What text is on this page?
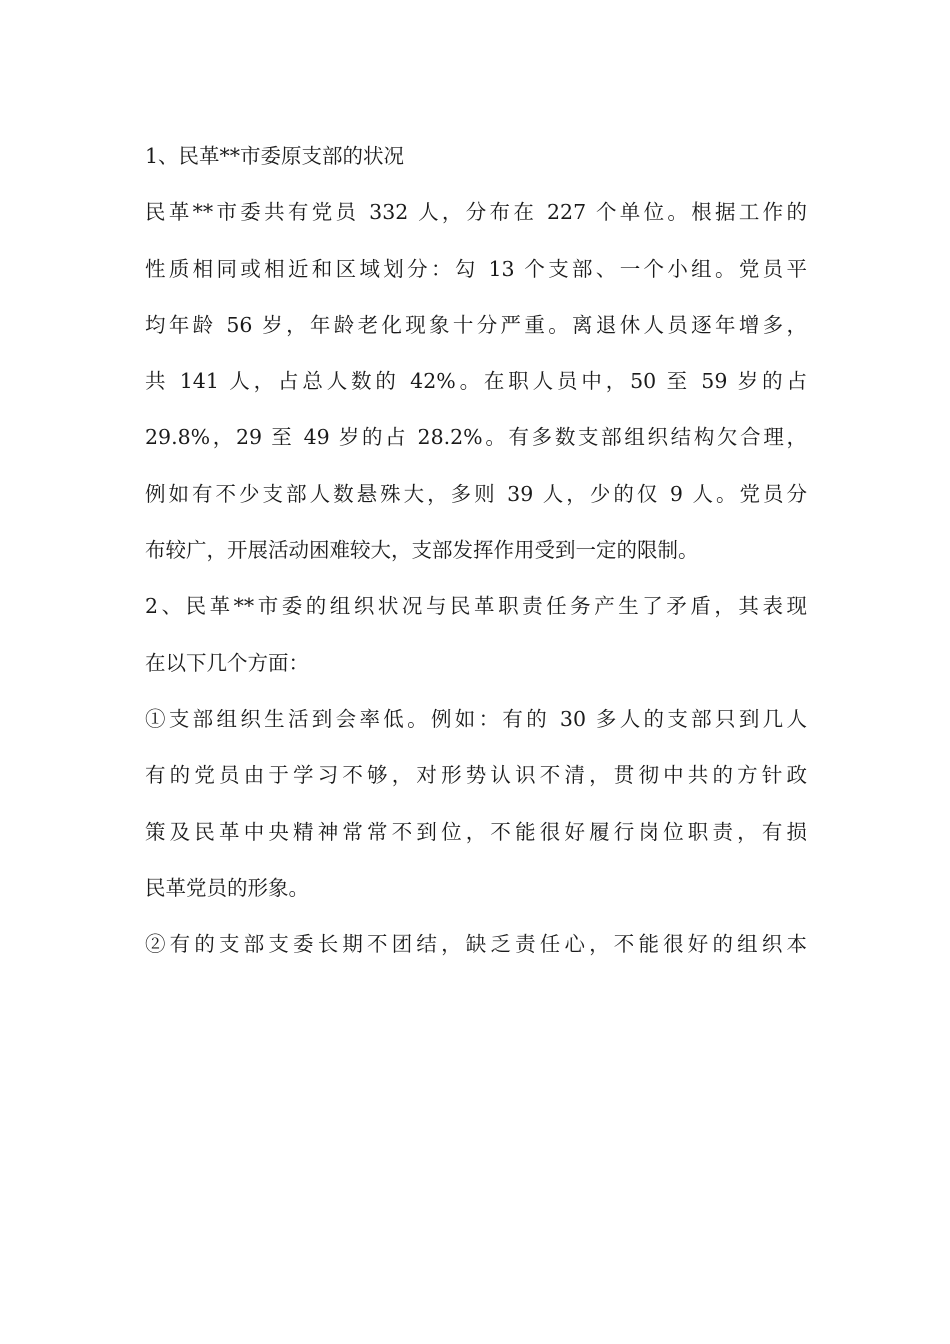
1、民革**市委原支部的状况
民革**市委共有党员 332 人，分布在 227 个单位。根据工作的
性质相同或相近和区域划分：勾 13 个支部、一个小组。党员平
均年龄 56 岁，年龄老化现象十分严重。离退休人员逐年增多，
共 141 人，占总人数的 42%。在职人员中，50 至 59 岁的占
29.8%，29 至 49 岁的占 28.2%。有多数支部组织结构欠合理，
例如有不少支部人数悬殊大，多则 39 人，少的仅 9 人。党员分
布较广，开展活动困难较大，支部发挥作用受到一定的限制。
2、民革**市委的组织状况与民革职责任务产生了矛盾，其表现
在以下几个方面：
①支部组织生活到会率低。例如：有的 30 多人的支部只到几人
有的党员由于学习不够，对形势认识不清，贯彻中共的方针政
策及民革中央精神常常不到位，不能很好履行岗位职责，有损
民革党员的形象。
②有的支部支委长期不团结，缺乏责任心，不能很好的组织本
